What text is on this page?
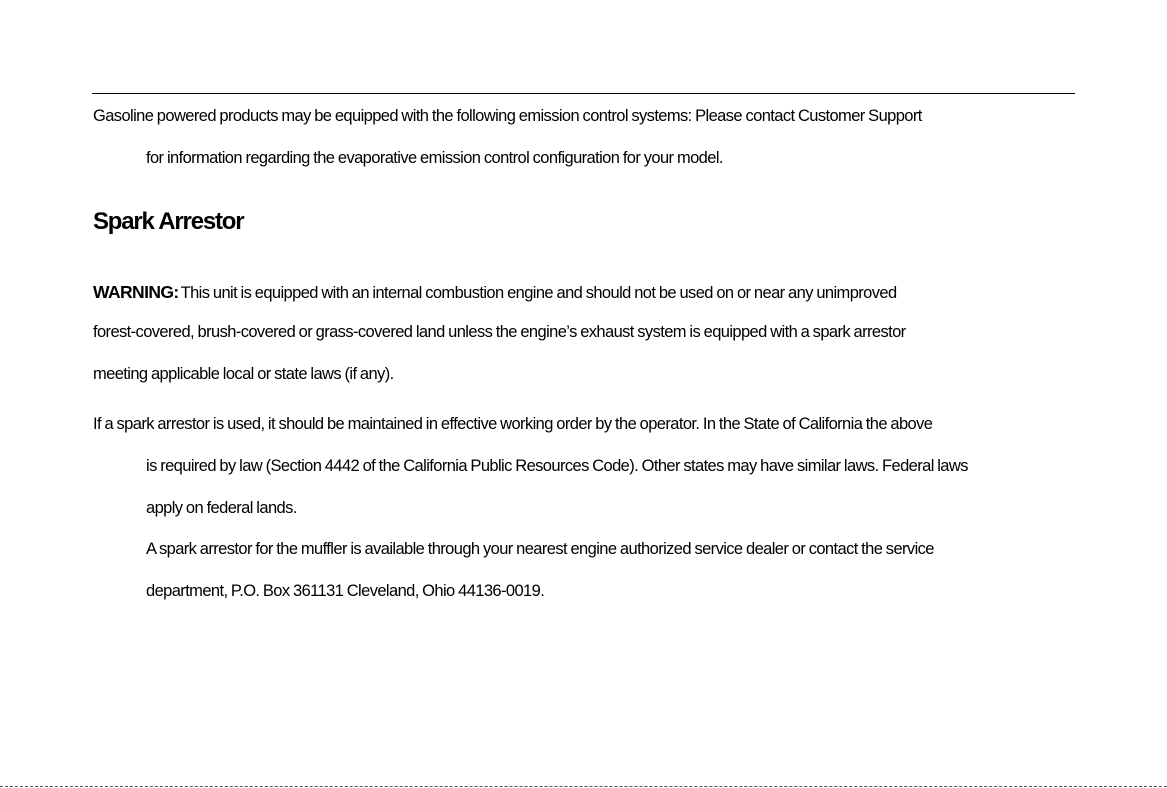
Gasoline powered products may be equipped with the following emission control systems: Please contact Customer Support
for information regarding the evaporative emission control configuration for your model.
Spark Arrestor
WARNING: This unit is equipped with an internal combustion engine and should not be used on or near any unimproved
forest-covered, brush-covered or grass-covered land unless the engine’s exhaust system is equipped with a spark arrestor
meeting applicable local or state laws (if any).
If a spark arrestor is used, it should be maintained in effective working order by the operator. In the State of California the above
is required by law (Section 4442 of the California Public Resources Code). Other states may have similar laws. Federal laws
apply on federal lands.
A spark arrestor for the muffler is available through your nearest engine authorized service dealer or contact the service
department, P.O. Box 361131 Cleveland, Ohio 44136-0019.
